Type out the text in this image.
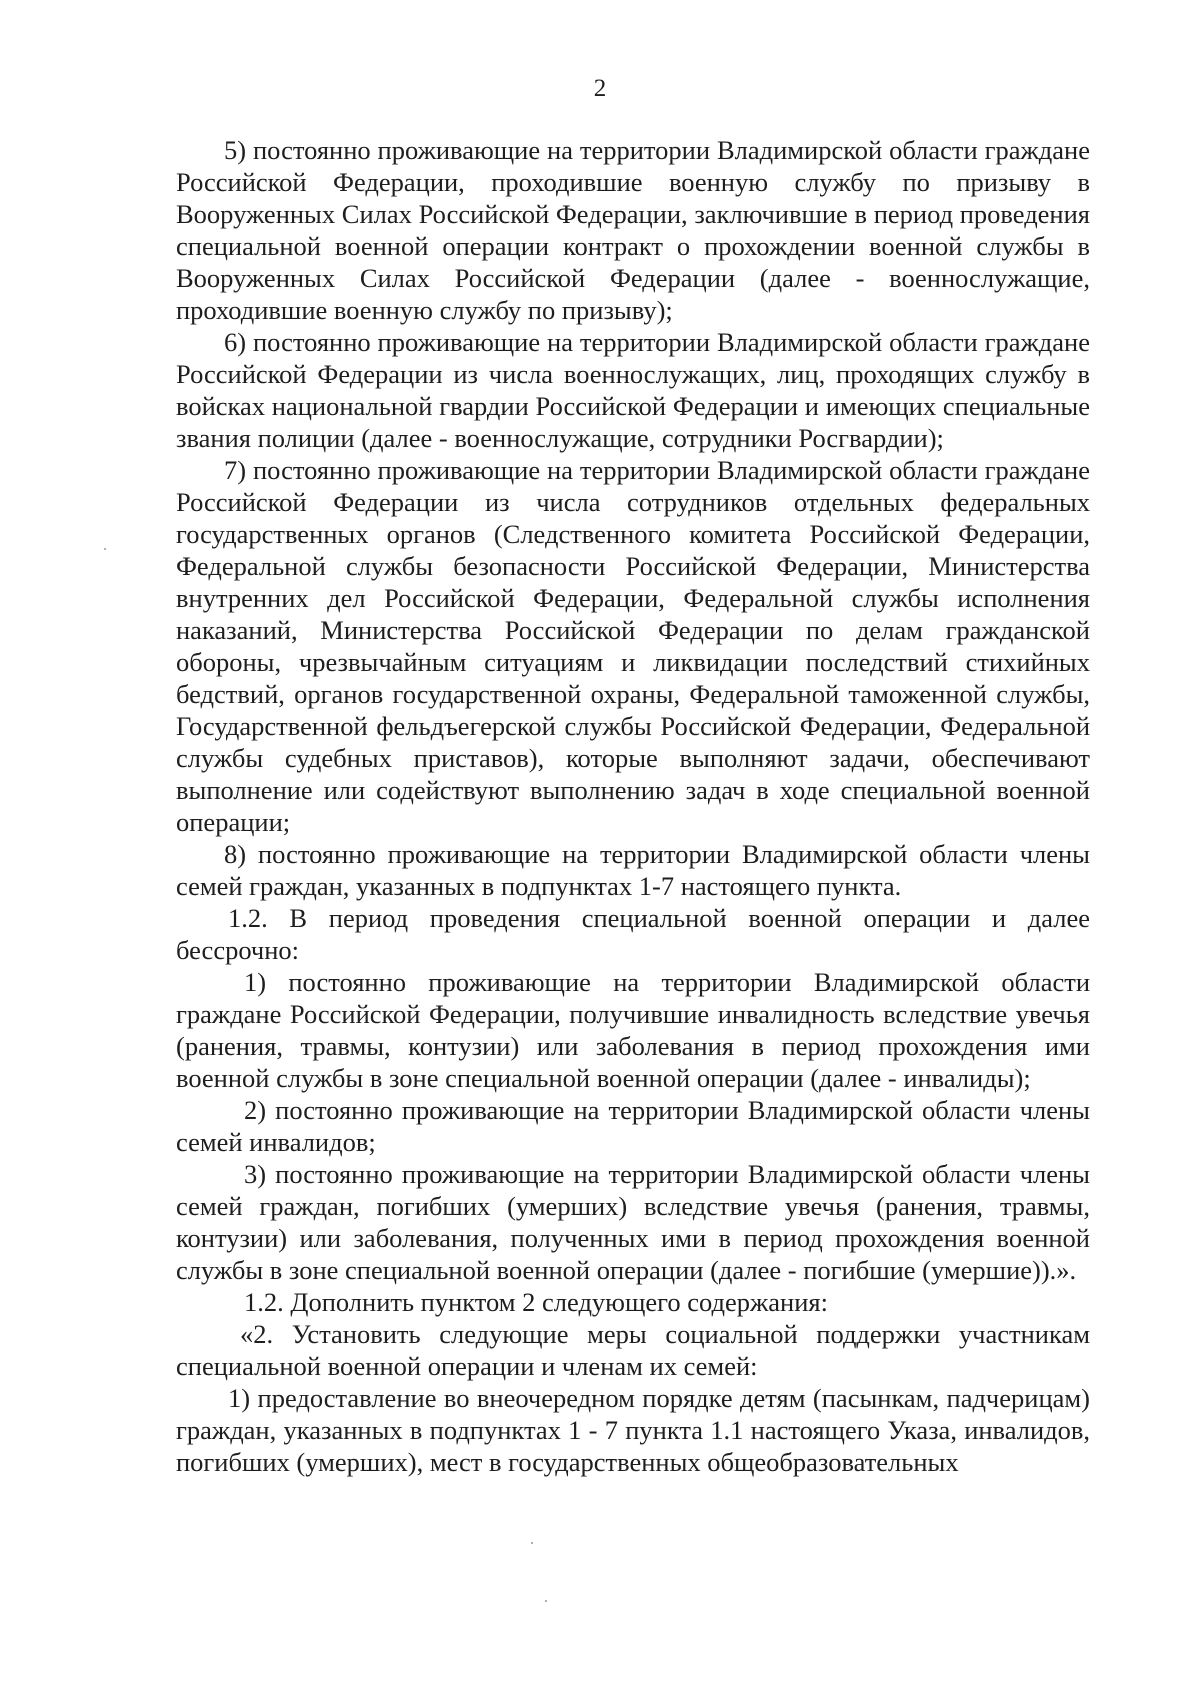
2

5) постоянно проживающие на территории Владимирской области граждане Российской Федерации, проходившие военную службу по призыву в Вооруженных Силах Российской Федерации, заключившие в период проведения специальной военной операции контракт о прохождении военной службы в Вооруженных Силах Российской Федерации (далее - военнослужащие, проходившие военную службу по призыву);

6) постоянно проживающие на территории Владимирской области граждане Российской Федерации из числа военнослужащих, лиц, проходящих службу в войсках национальной гвардии Российской Федерации и имеющих специальные звания полиции (далее - военнослужащие, сотрудники Росгвардии);

7) постоянно проживающие на территории Владимирской области граждане Российской Федерации из числа сотрудников отдельных федеральных государственных органов (Следственного комитета Российской Федерации, Федеральной службы безопасности Российской Федерации, Министерства внутренних дел Российской Федерации, Федеральной службы исполнения наказаний, Министерства Российской Федерации по делам гражданской обороны, чрезвычайным ситуациям и ликвидации последствий стихийных бедствий, органов государственной охраны, Федеральной таможенной службы, Государственной фельдъегерской службы Российской Федерации, Федеральной службы судебных приставов), которые выполняют задачи, обеспечивают выполнение или содействуют выполнению задач в ходе специальной военной операции;

8) постоянно проживающие на территории Владимирской области члены семей граждан, указанных в подпунктах 1-7 настоящего пункта.

1.2. В период проведения специальной военной операции и далее бессрочно:

1) постоянно проживающие на территории Владимирской области граждане Российской Федерации, получившие инвалидность вследствие увечья (ранения, травмы, контузии) или заболевания в период прохождения ими военной службы в зоне специальной военной операции (далее - инвалиды);

2) постоянно проживающие на территории Владимирской области члены семей инвалидов;

3) постоянно проживающие на территории Владимирской области члены семей граждан, погибших (умерших) вследствие увечья (ранения, травмы, контузии) или заболевания, полученных ими в период прохождения военной службы в зоне специальной военной операции (далее - погибшие (умершие)).».

1.2. Дополнить пунктом 2 следующего содержания:

«2. Установить следующие меры социальной поддержки участникам специальной военной операции и членам их семей:

1) предоставление во внеочередном порядке детям (пасынкам, падчерицам) граждан, указанных в подпунктах 1 - 7 пункта 1.1 настоящего Указа, инвалидов, погибших (умерших), мест в государственных общеобразовательных
